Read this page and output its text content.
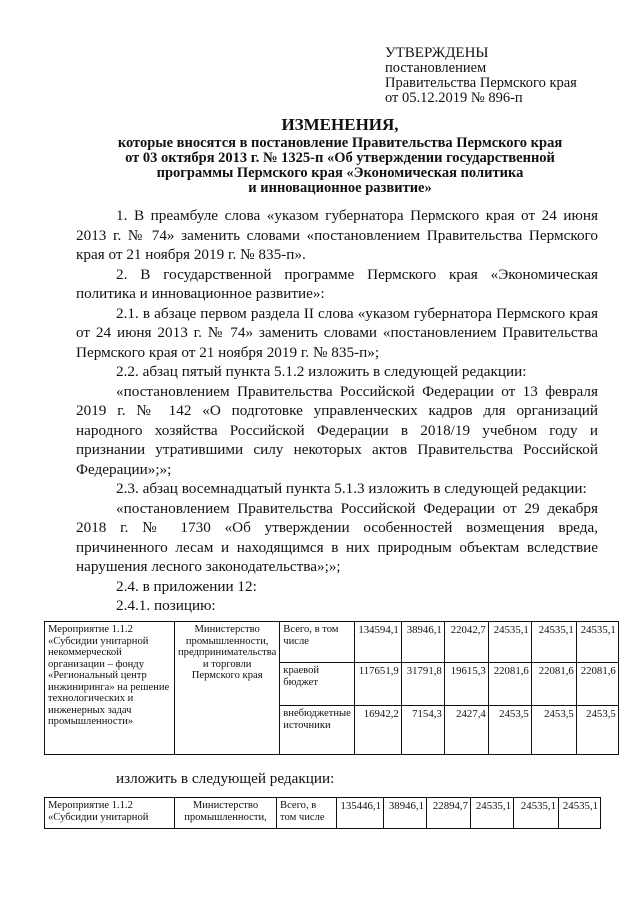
УТВЕРЖДЕНЫ
постановлением
Правительства Пермского края
от 05.12.2019 № 896-п
ИЗМЕНЕНИЯ,
которые вносятся в постановление Правительства Пермского края
от 03 октября 2013 г. № 1325-п «Об утверждении государственной
программы Пермского края «Экономическая политика
и инновационное развитие»

1. В преамбуле слова «указом губернатора Пермского края от 24 июня 2013 г. № 74» заменить словами «постановлением Правительства Пермского края от 21 ноября 2019 г. № 835-п».

2. В государственной программе Пермского края «Экономическая политика и инновационное развитие»:

2.1. в абзаце первом раздела II слова «указом губернатора Пермского края от 24 июня 2013 г. № 74» заменить словами «постановлением Правительства Пермского края от 21 ноября 2019 г. № 835-п»;

2.2. абзац пятый пункта 5.1.2 изложить в следующей редакции:

«постановлением Правительства Российской Федерации от 13 февраля 2019 г. № 142 «О подготовке управленческих кадров для организаций народного хозяйства Российской Федерации в 2018/19 учебном году и признании утратившими силу некоторых актов Правительства Российской Федерации»;»;

2.3. абзац восемнадцатый пункта 5.1.3 изложить в следующей редакции:

«постановлением Правительства Российской Федерации от 29 декабря 2018 г. № 1730 «Об утверждении особенностей возмещения вреда, причиненного лесам и находящимся в них природным объектам вследствие нарушения лесного законодательства»;»;

2.4. в приложении 12:

2.4.1. позицию:

Мероприятие 1.1.2 «Субсидии унитарной некоммерческой организации – фонду «Региональный центр инжиниринга» на решение технологических и инженерных задач промышленности»	Министерство промышленности, предпринимательства и торговли Пермского края	Всего, в том числе	134594,1	38946,1	22042,7	24535,1	24535,1	24535,1
		краевой бюджет	117651,9	31791,8	19615,3	22081,6	22081,6	22081,6
		внебюджетные источники	16942,2	7154,3	2427,4	2453,5	2453,5	2453,5
изложить в следующей редакции:
Мероприятие 1.1.2 «Субсидии унитарной	Министерство промышленности,	Всего, в том числе	135446,1	38946,1	22894,7	24535,1	24535,1	24535,1
